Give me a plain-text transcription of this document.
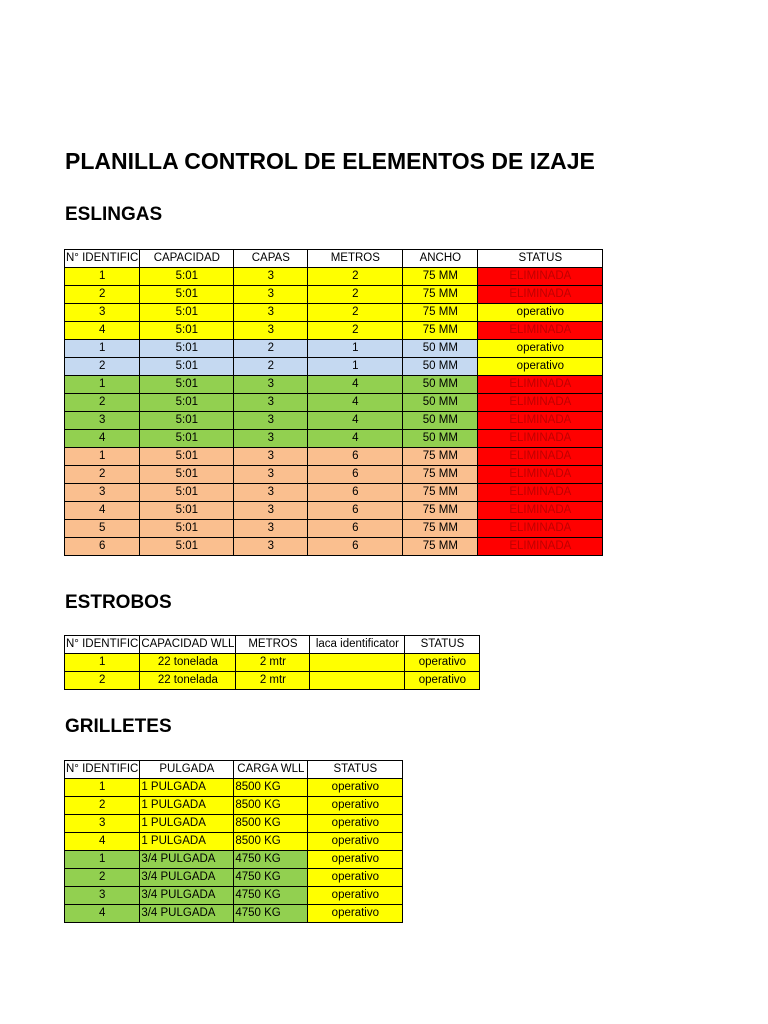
PLANILLA CONTROL DE ELEMENTOS DE IZAJE
ESLINGAS
N° IDENTIFIC	CAPACIDAD	CAPAS	METROS	ANCHO	STATUS
1	5:01	3	2	75 MM	ELIMINADA
2	5:01	3	2	75 MM	ELIMINADA
3	5:01	3	2	75 MM	operativo
4	5:01	3	2	75 MM	ELIMINADA
1	5:01	2	1	50 MM	operativo
2	5:01	2	1	50 MM	operativo
1	5:01	3	4	50 MM	ELIMINADA
2	5:01	3	4	50 MM	ELIMINADA
3	5:01	3	4	50 MM	ELIMINADA
4	5:01	3	4	50 MM	ELIMINADA
1	5:01	3	6	75 MM	ELIMINADA
2	5:01	3	6	75 MM	ELIMINADA
3	5:01	3	6	75 MM	ELIMINADA
4	5:01	3	6	75 MM	ELIMINADA
5	5:01	3	6	75 MM	ELIMINADA
6	5:01	3	6	75 MM	ELIMINADA
ESTROBOS
N° IDENTIFIC	CAPACIDAD WLL	METROS	laca identificator	STATUS
1	22 tonelada	2 mtr		operativo
2	22 tonelada	2 mtr		operativo
GRILLETES
N° IDENTIFIC	PULGADA	CARGA WLL	STATUS
1	1 PULGADA	8500 KG	operativo
2	1 PULGADA	8500 KG	operativo
3	1 PULGADA	8500 KG	operativo
4	1 PULGADA	8500 KG	operativo
1	3/4 PULGADA	4750 KG	operativo
2	3/4 PULGADA	4750 KG	operativo
3	3/4 PULGADA	4750 KG	operativo
4	3/4 PULGADA	4750 KG	operativo
